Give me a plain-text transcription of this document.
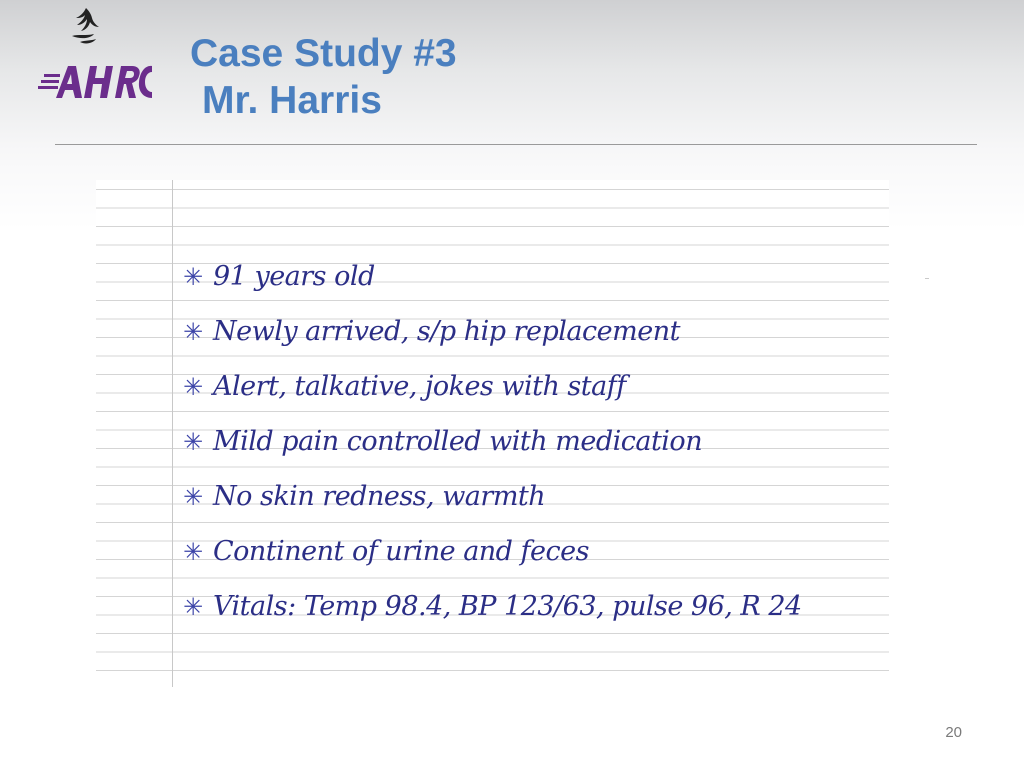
Case Study #3
Mr. Harris
✳ 91 years old
✳ Newly arrived, s/p hip replacement
✳ Alert, talkative, jokes with staff
✳ Mild pain controlled with medication
✳ No skin redness, warmth
✳ Continent of urine and feces
✳ Vitals: Temp 98.4, BP 123/63, pulse 96, R 24
20
